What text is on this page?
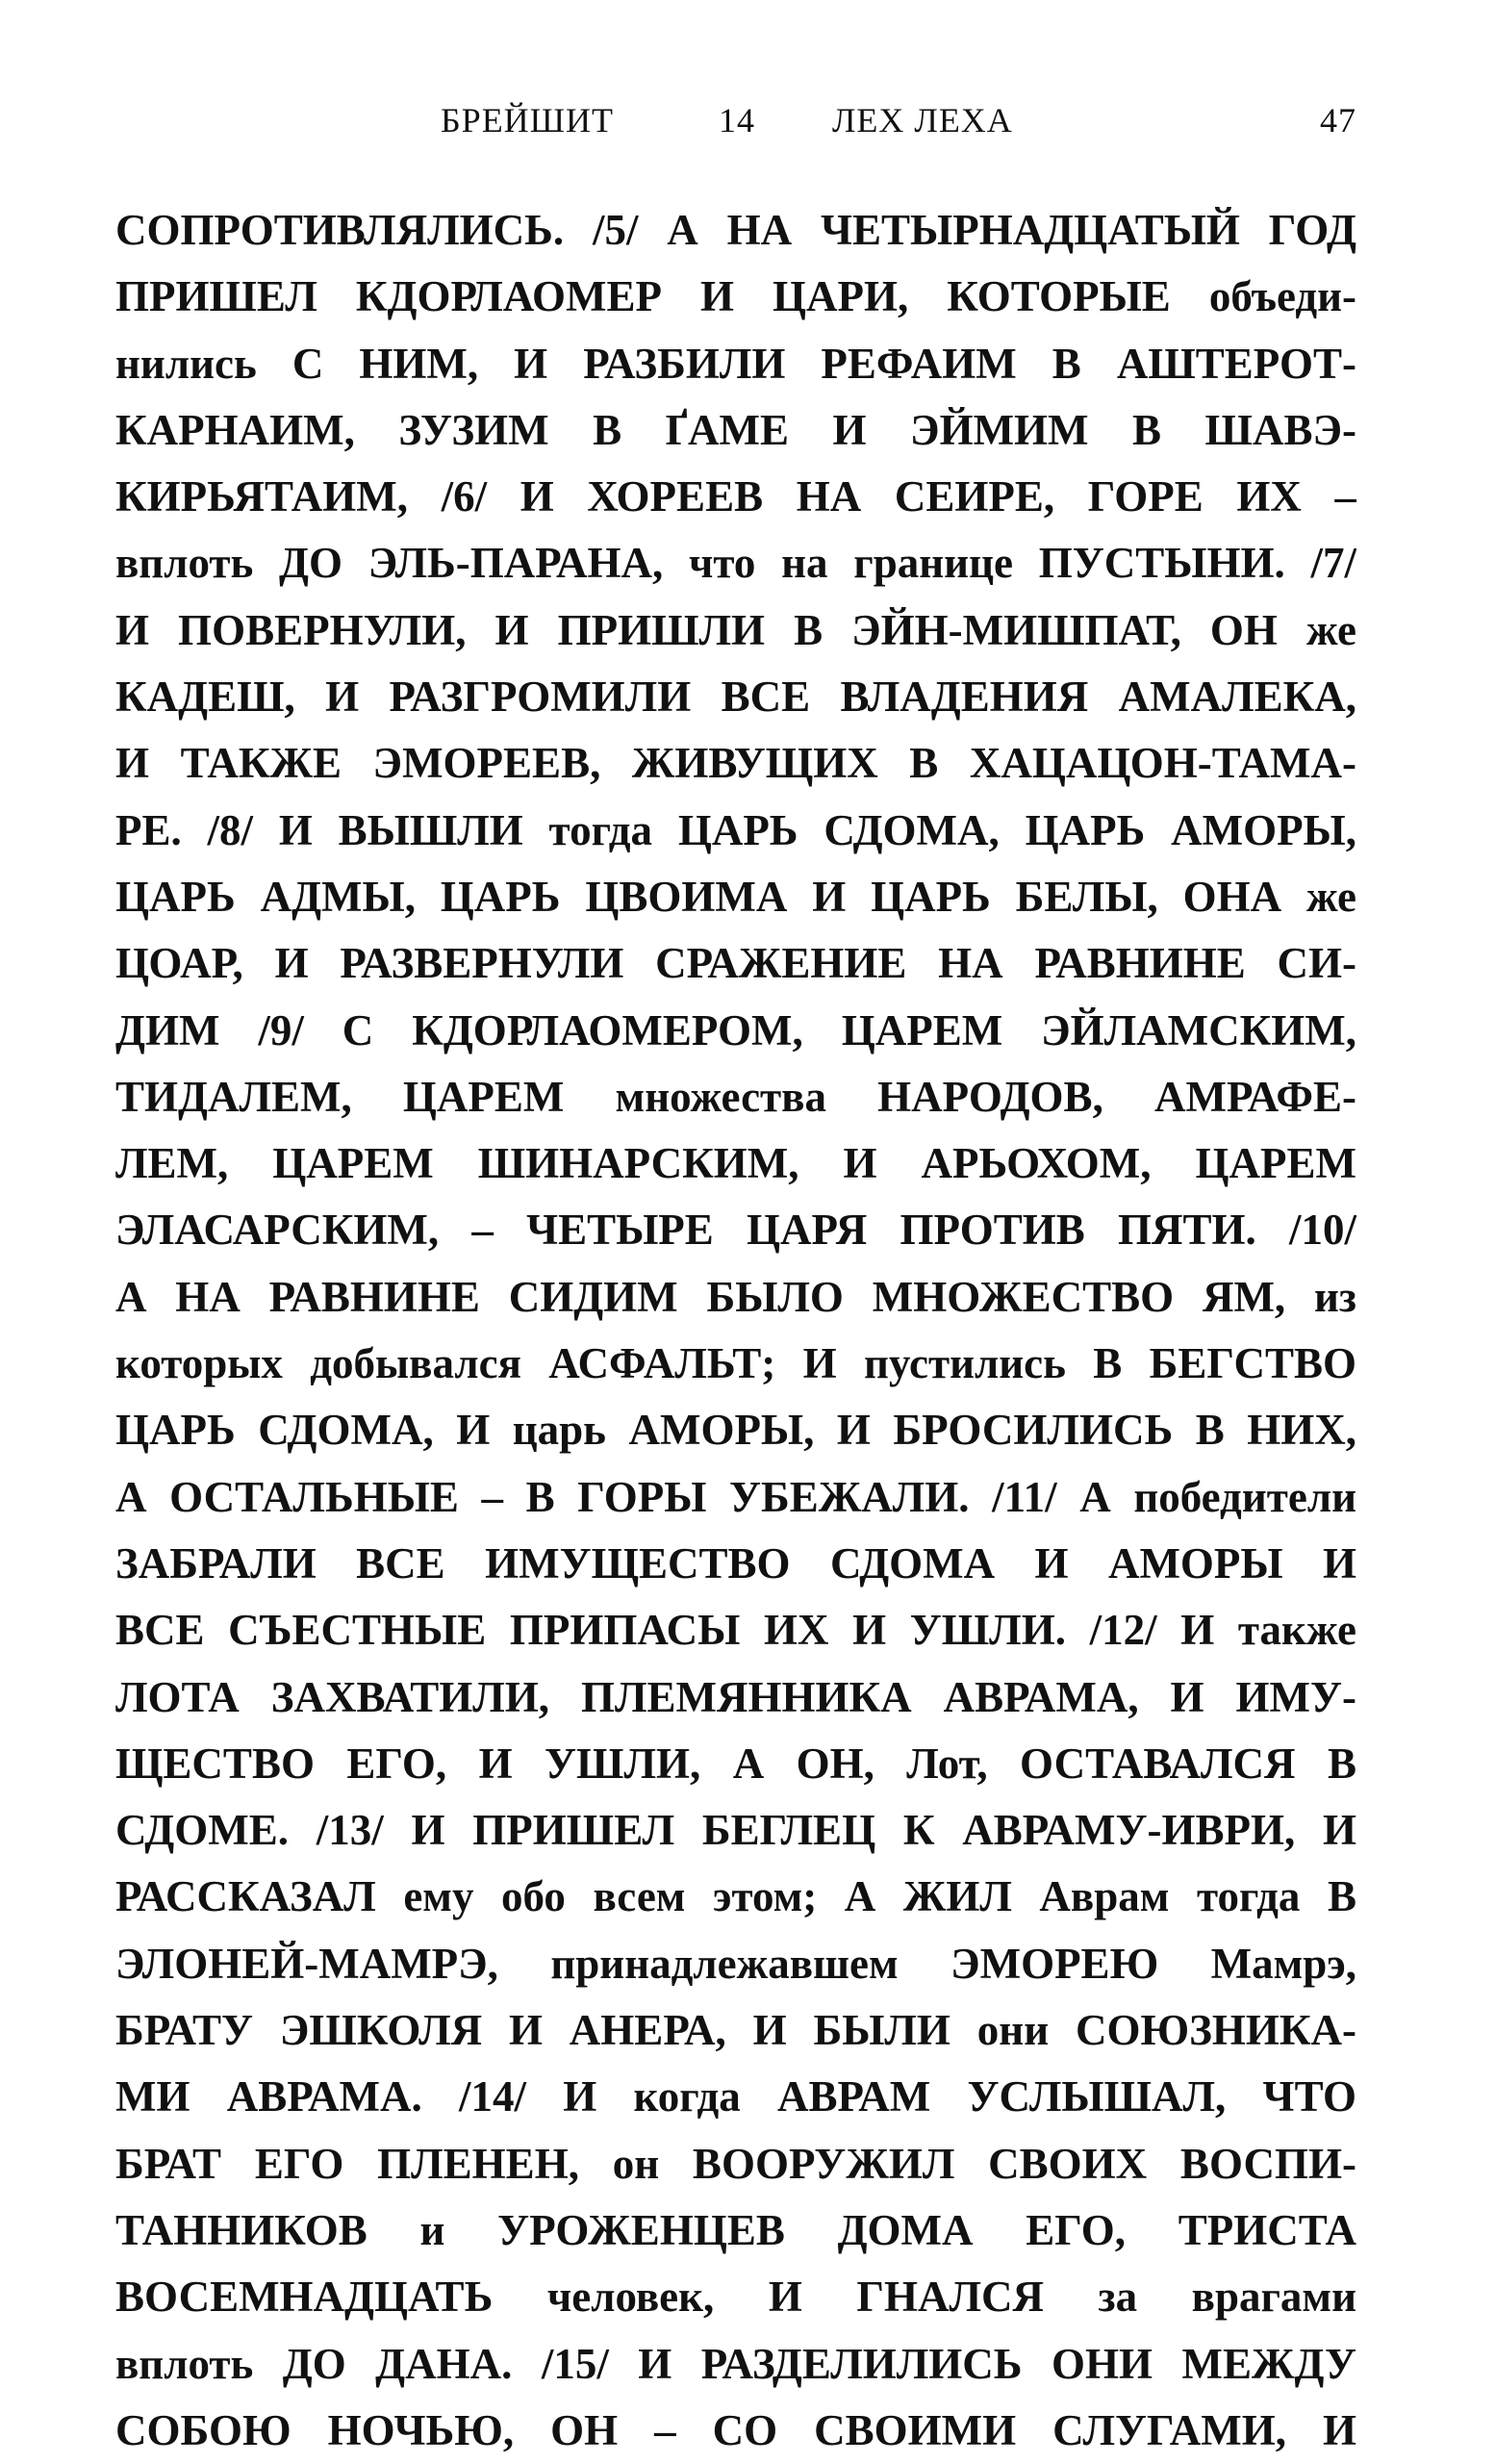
БРЕЙШИТ	14 ЛЕХ ЛЕХА	47
СОПРОТИВЛЯЛИСЬ. /5/ А НА ЧЕТЫРНАДЦАТЫЙ ГОД
ПРИШЕЛ КДОРЛАОМЕР И ЦАРИ, КОТОРЫЕ объеди-
нились С НИМ, И РАЗБИЛИ РЕФАИМ В АШТЕРОТ-
КАРНАИМ, ЗУЗИМ В ҐАМЕ И ЭЙМИМ В ШАВЭ-
КИРЬЯТАИМ, /6/ И ХОРЕЕВ НА СЕИРЕ, ГОРЕ ИХ –
вплоть ДО ЭЛЬ-ПАРАНА, что на границе ПУСТЫНИ. /7/
И ПОВЕРНУЛИ, И ПРИШЛИ В ЭЙН-МИШПАТ, ОН же
КАДЕШ, И РАЗГРОМИЛИ ВСЕ ВЛАДЕНИЯ АМАЛЕКА,
И ТАКЖЕ ЭМОРЕЕВ, ЖИВУЩИХ В ХАЦАЦОН-ТАМА-
РЕ. /8/ И ВЫШЛИ тогда ЦАРЬ СДОМА, ЦАРЬ АМОРЫ,
ЦАРЬ АДМЫ, ЦАРЬ ЦВОИМА И ЦАРЬ БЕЛЫ, ОНА же
ЦОАР, И РАЗВЕРНУЛИ СРАЖЕНИЕ НА РАВНИНЕ СИ-
ДИМ /9/ С КДОРЛАОМЕРОМ, ЦАРЕМ ЭЙЛАМСКИМ,
ТИДАЛЕМ, ЦАРЕМ множества НАРОДОВ, АМРАФЕ-
ЛЕМ, ЦАРЕМ ШИНАРСКИМ, И АРЬОХОМ, ЦАРЕМ
ЭЛАСАРСКИМ, – ЧЕТЫРЕ ЦАРЯ ПРОТИВ ПЯТИ. /10/
А НА РАВНИНЕ СИДИМ БЫЛО МНОЖЕСТВО ЯМ, из
которых добывался АСФАЛЬТ; И пустились В БЕГСТВО
ЦАРЬ СДОМА, И царь АМОРЫ, И БРОСИЛИСЬ В НИХ,
А ОСТАЛЬНЫЕ – В ГОРЫ УБЕЖАЛИ. /11/ А победители
ЗАБРАЛИ ВСЕ ИМУЩЕСТВО СДОМА И АМОРЫ И
ВСЕ СЪЕСТНЫЕ ПРИПАСЫ ИХ И УШЛИ. /12/ И также
ЛОТА ЗАХВАТИЛИ, ПЛЕМЯННИКА АВРАМА, И ИМУ-
ЩЕСТВО ЕГО, И УШЛИ, А ОН, Лот, ОСТАВАЛСЯ В
СДОМЕ. /13/ И ПРИШЕЛ БЕГЛЕЦ К АВРАМУ-ИВРИ, И
РАССКАЗАЛ ему обо всем этом; А ЖИЛ Аврам тогда В
ЭЛОНЕЙ-МАМРЭ, принадлежавшем ЭМОРЕЮ Мамрэ,
БРАТУ ЭШКОЛЯ И АНЕРА, И БЫЛИ они СОЮЗНИКА-
МИ АВРАМА. /14/ И когда АВРАМ УСЛЫШАЛ, ЧТО
БРАТ ЕГО ПЛЕНЕН, он ВООРУЖИЛ СВОИХ ВОСПИ-
ТАННИКОВ и УРОЖЕНЦЕВ ДОМА ЕГО, ТРИСТА
ВОСЕМНАДЦАТЬ человек, И ГНАЛСЯ за врагами
вплоть ДО ДАНА. /15/ И РАЗДЕЛИЛИСЬ ОНИ МЕЖДУ
СОБОЮ НОЧЬЮ, ОН – СО СВОИМИ СЛУГАМИ, И
